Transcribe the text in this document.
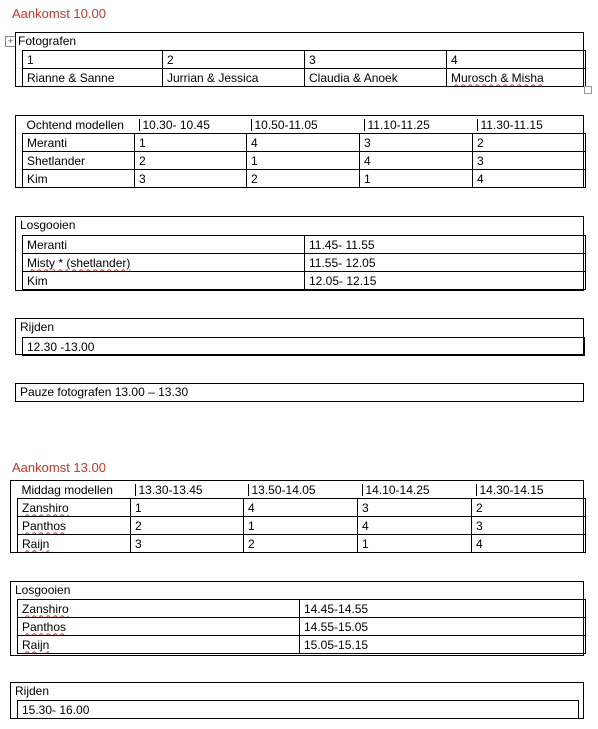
Aankomst 10.00
+ Fotografen
1	2	3	4
Rianne & Sanne	Jurrian & Jessica	Claudia & Anoek	Murosch & Misha
Ochtend modellen	10.30- 10.45	10.50-11.05	11.10-11.25	11.30-11.15
Meranti	1	4	3	2
Shetlander	2	1	4	3
Kim	3	2	1	4
Losgooien
Meranti	11.45- 11.55
Misty * (shetlander)	11.55- 12.05
Kim	12.05- 12.15
Rijden
12.30 -13.00
Pauze fotografen 13.00 – 13.30
Aankomst 13.00
Middag modellen	13.30-13.45	13.50-14.05	14.10-14.25	14.30-14.15
Zanshiro	1	4	3	2
Panthos	2	1	4	3
Raijn	3	2	1	4
Losgooien
Zanshiro	14.45-14.55
Panthos	14.55-15.05
Raijn	15.05-15.15
Rijden
15.30- 16.00
